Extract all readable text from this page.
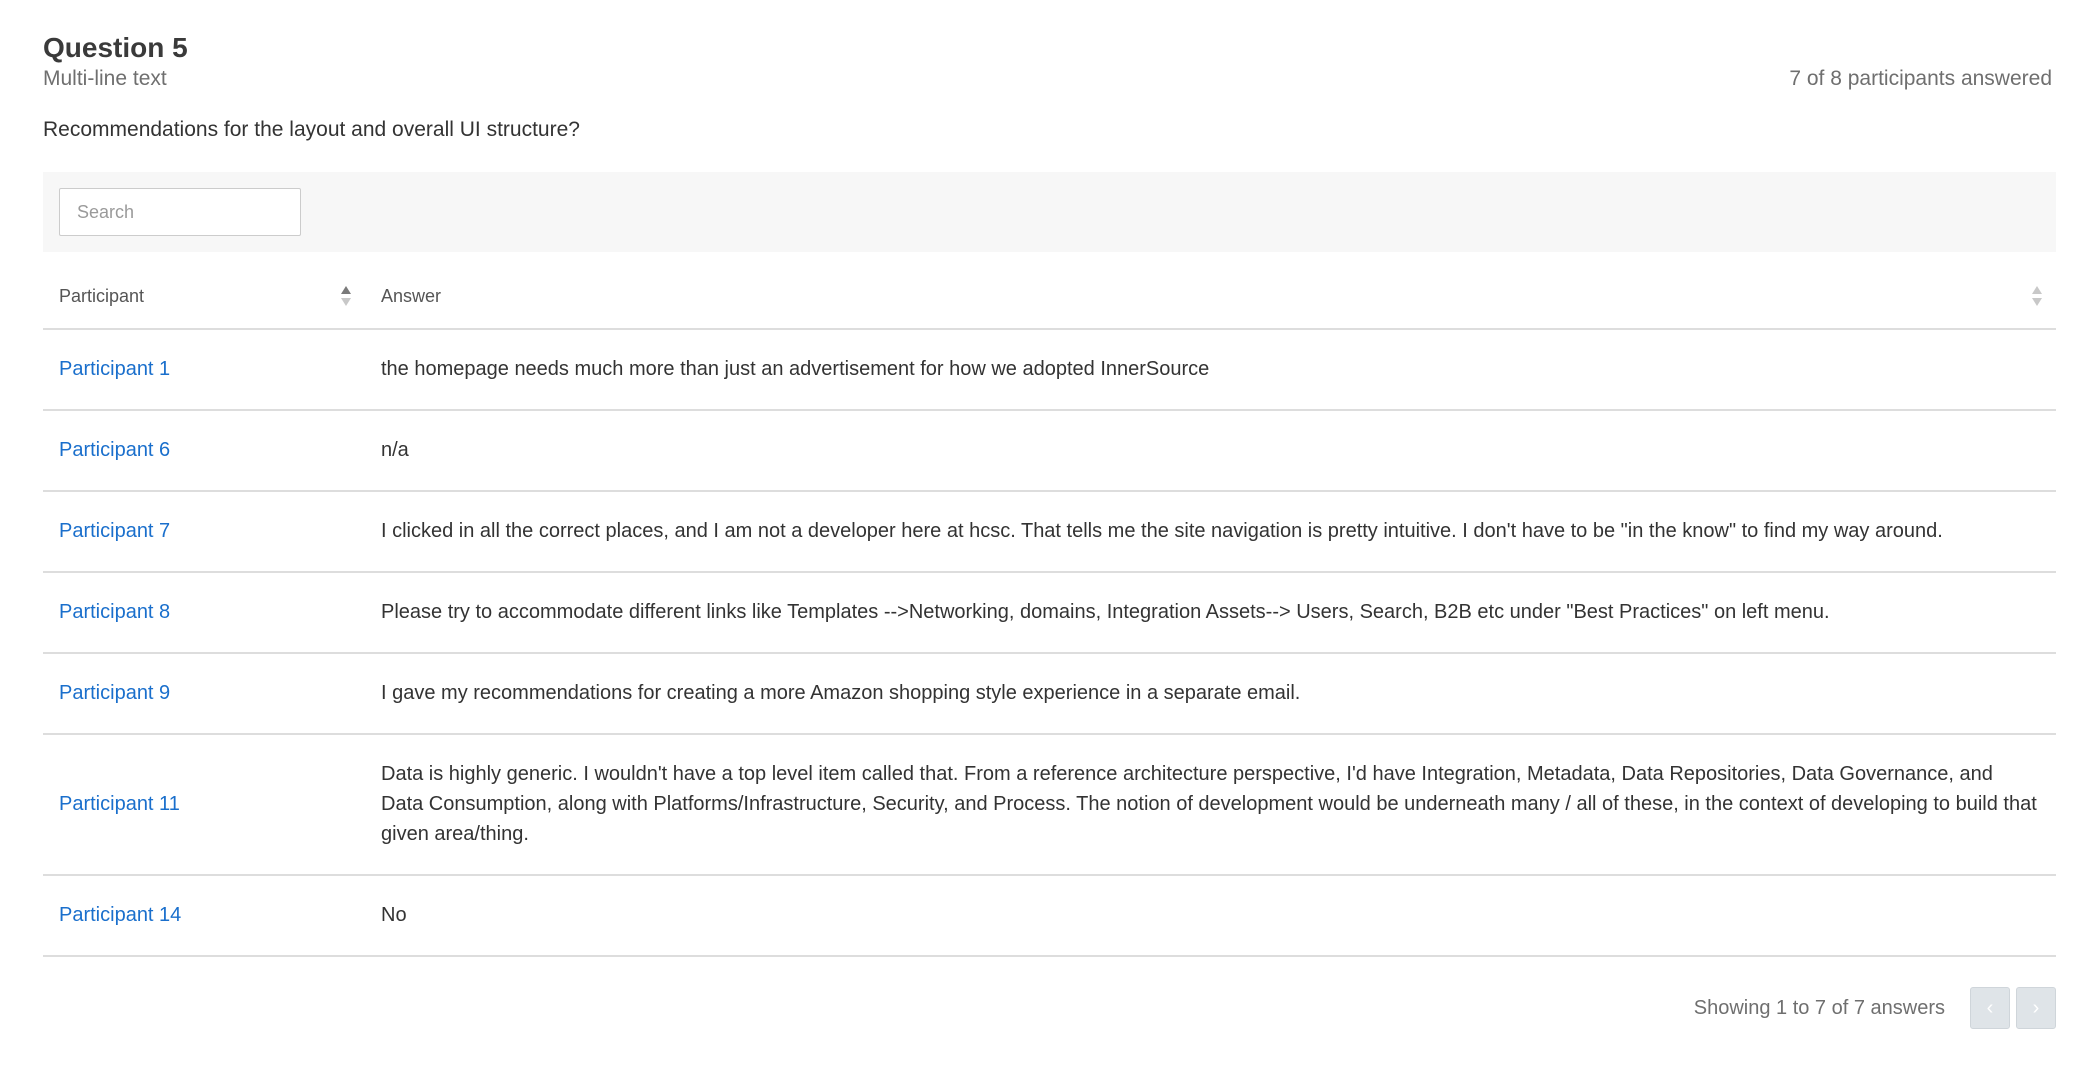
Question 5
Multi-line text	7 of 8 participants answered
Recommendations for the layout and overall UI structure?
Search
Participant	Answer

Participant 1	the homepage needs much more than just an advertisement for how we adopted InnerSource
Participant 6	n/a
Participant 7	I clicked in all the correct places, and I am not a developer here at hcsc. That tells me the site navigation is pretty intuitive. I don't have to be "in the know" to find my way around.
Participant 8	Please try to accommodate different links like Templates -->Networking, domains, Integration Assets--> Users, Search, B2B etc under "Best Practices" on left menu.
Participant 9	I gave my recommendations for creating a more Amazon shopping style experience in a separate email.
Participant 11	Data is highly generic. I wouldn't have a top level item called that. From a reference architecture perspective, I'd have Integration, Metadata, Data Repositories, Data Governance, and Data Consumption, along with Platforms/Infrastructure, Security, and Process. The notion of development would be underneath many / all of these, in the context of developing to build that given area/thing.
Participant 14	No
Showing 1 to 7 of 7 answers ‹ ›
